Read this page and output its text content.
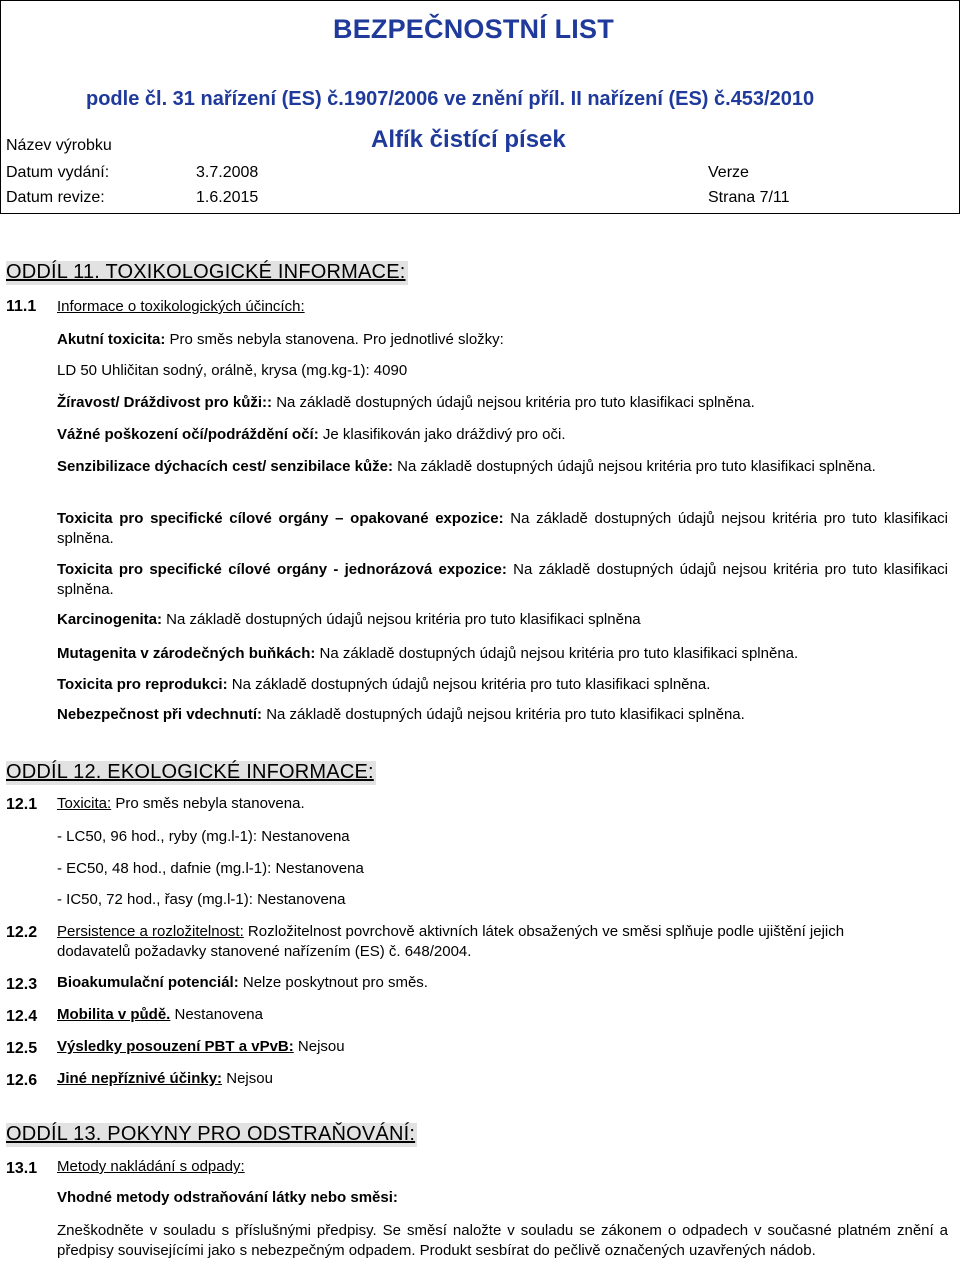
BEZPEČNOSTNÍ LIST
podle čl. 31 nařízení (ES) č.1907/2006 ve znění příl. II nařízení (ES) č.453/2010
Název výrobku	Alfík čistící písek
Datum vydání:	3.7.2008	Verze
Datum revize:	1.6.2015	Strana 7/11
ODDÍL 11. TOXIKOLOGICKÉ INFORMACE:
11.1 Informace o toxikologických účincích:
Akutní toxicita: Pro směs nebyla stanovena. Pro jednotlivé složky:
LD 50 Uhličitan sodný, orálně, krysa (mg.kg-1): 4090
Žíravost/ Dráždivost pro kůži:: Na základě dostupných údajů nejsou kritéria pro tuto klasifikaci splněna.
Vážné poškození očí/podráždění očí: Je klasifikován jako dráždivý pro oči.
Senzibilizace dýchacích cest/ senzibilace kůže: Na základě dostupných údajů nejsou kritéria pro tuto klasifikaci splněna.
Toxicita pro specifické cílové orgány – opakované expozice: Na základě dostupných údajů nejsou kritéria pro tuto klasifikaci splněna.
Toxicita pro specifické cílové orgány - jednorázová expozice: Na základě dostupných údajů nejsou kritéria pro tuto klasifikaci splněna.
Karcinogenita: Na základě dostupných údajů nejsou kritéria pro tuto klasifikaci splněna
Mutagenita v zárodečných buňkách: Na základě dostupných údajů nejsou kritéria pro tuto klasifikaci splněna.
Toxicita pro reprodukci: Na základě dostupných údajů nejsou kritéria pro tuto klasifikaci splněna.
Nebezpečnost při vdechnutí: Na základě dostupných údajů nejsou kritéria pro tuto klasifikaci splněna.
ODDÍL 12. EKOLOGICKÉ INFORMACE:
12.1 Toxicita: Pro směs nebyla stanovena.
- LC50, 96 hod., ryby (mg.l-1): Nestanovena
- EC50, 48 hod., dafnie (mg.l-1): Nestanovena
- IC50, 72 hod., řasy (mg.l-1): Nestanovena
12.2 Persistence a rozložitelnost: Rozložitelnost povrchově aktivních látek obsažených ve směsi splňuje podle ujištění jejich dodavatelů požadavky stanovené nařízením (ES) č. 648/2004.
12.3 Bioakumulační potenciál: Nelze poskytnout pro směs.
12.4 Mobilita v půdě. Nestanovena
12.5 Výsledky posouzení PBT a vPvB: Nejsou
12.6 Jiné nepříznivé účinky: Nejsou
ODDÍL 13. POKYNY PRO ODSTRAŇOVÁNÍ:
13.1 Metody nakládání s odpady:
Vhodné metody odstraňování látky nebo směsi:
Zneškodněte v souladu s příslušnými předpisy. Se směsí naložte v souladu se zákonem o odpadech v současné platném znění a předpisy souvisejícími jako s nebezpečným odpadem. Produkt sesbírat do pečlivě označených uzavřených nádob.
